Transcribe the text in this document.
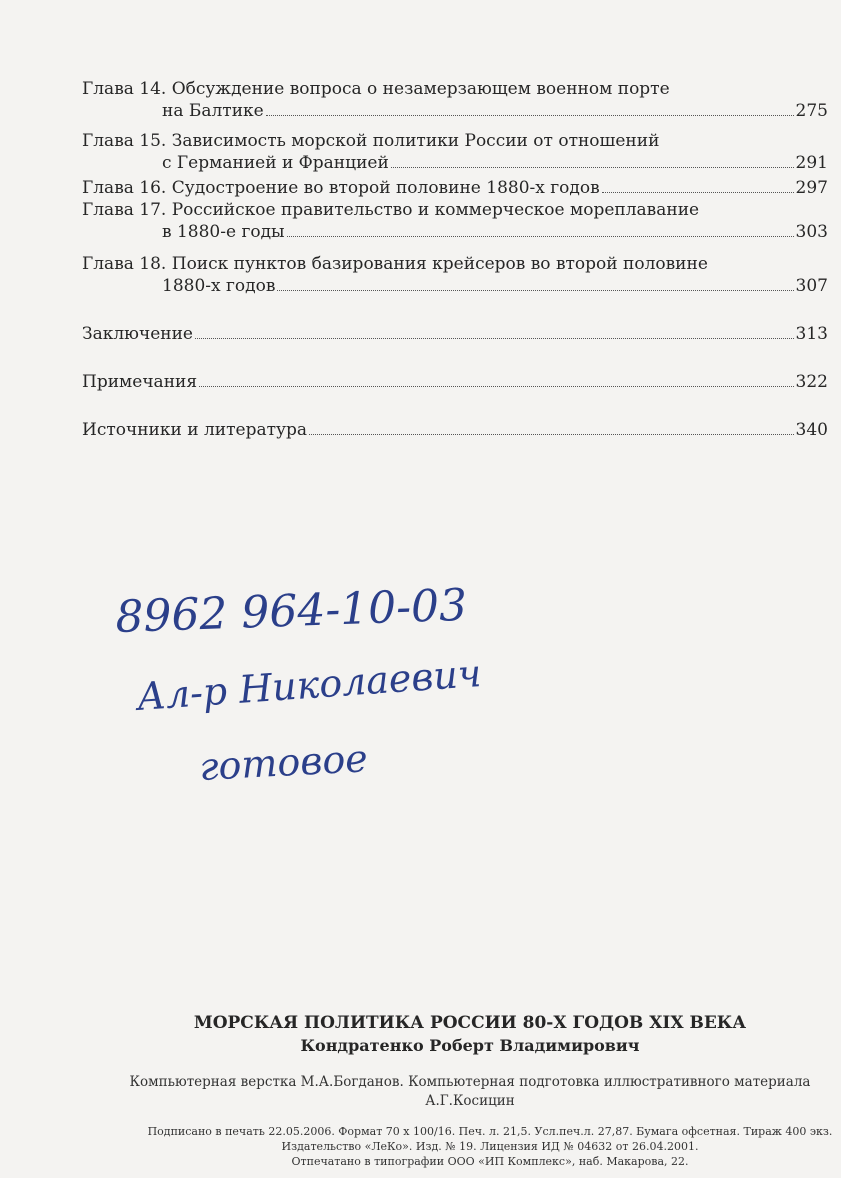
Глава 14. Обсуждение вопроса о незамерзающем военном порте
на Балтике	275
Глава 15. Зависимость морской политики России от отношений
с Германией и Францией	291
Глава 16. Судостроение во второй половине 1880-х годов	297
Глава 17. Российское правительство и коммерческое мореплавание
в 1880-е годы	303
Глава 18. Поиск пунктов базирования крейсеров во второй половине
1880-х годов	307
Заключение	313
Примечания	322
Источники и литература	340
8962 964-10-03
Ал-р Николаевич
готовое
МОРСКАЯ ПОЛИТИКА РОССИИ 80-Х ГОДОВ XIX ВЕКА
Кондратенко Роберт Владимирович
Компьютерная верстка М.А.Богданов. Компьютерная подготовка иллюстративного материала
А.Г.Косицин
Подписано в печать 22.05.2006. Формат 70 х 100/16. Печ. л. 21,5. Усл.печ.л. 27,87. Бумага офсетная. Тираж 400 экз.
Издательство «ЛеКо». Изд. № 19. Лицензия ИД № 04632 от 26.04.2001.
Отпечатано в типографии ООО «ИП Комплекс», наб. Макарова, 22.
